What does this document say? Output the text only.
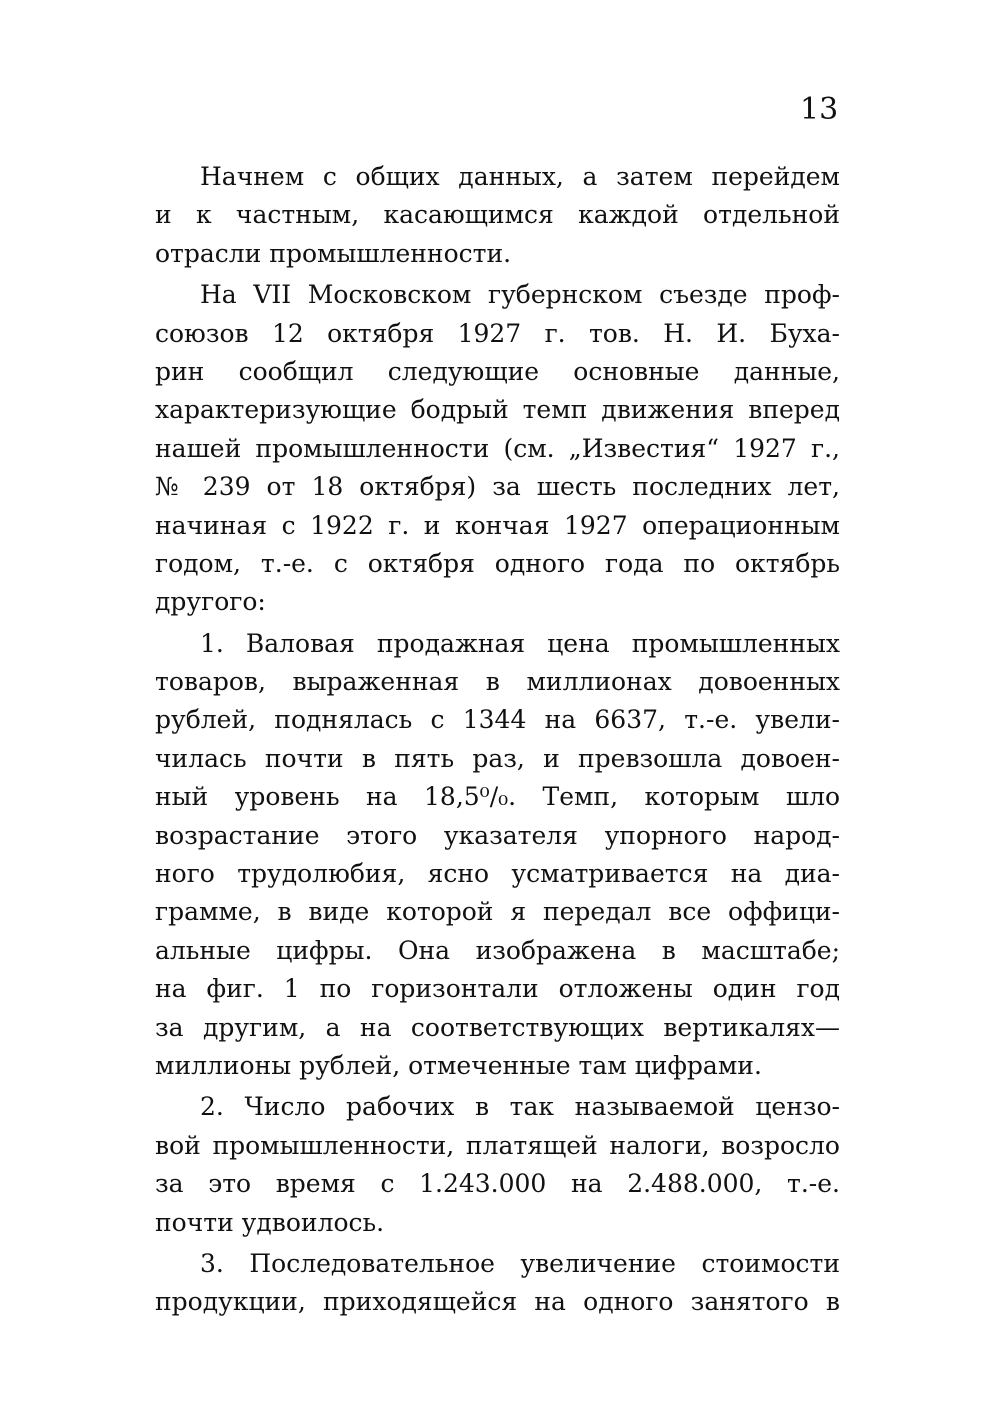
13
Начнем с общих данных, а затем перейдем
и к частным, касающимся каждой отдельной
отрасли промышленности.
На VII Московском губернском съезде проф-
союзов 12 октября 1927 г. тов. Н. И. Буха-
рин сообщил следующие основные данные,
характеризующие бодрый темп движения вперед
нашей промышленности (см. „Известия“ 1927 г.,
№ 239 от 18 октября) за шесть последних лет,
начиная с 1922 г. и кончая 1927 операционным
годом, т.-е. с октября одного года по октябрь
другого:
1. Валовая продажная цена промышленных
товаров, выраженная в миллионах довоенных
рублей, поднялась с 1344 на 6637, т.-е. увели-
чилась почти в пять раз, и превзошла довоен-
ный уровень на 18,5⁰/₀. Темп, которым шло
возрастание этого указателя упорного народ-
ного трудолюбия, ясно усматривается на диа-
грамме, в виде которой я передал все оффици-
альные цифры. Она изображена в масштабе;
на фиг. 1 по горизонтали отложены один год
за другим, а на соответствующих вертикалях—
миллионы рублей, отмеченные там цифрами.
2. Число рабочих в так называемой цензо-
вой промышленности, платящей налоги, возросло
за это время с 1.243.000 на 2.488.000, т.-е.
почти удвоилось.
3. Последовательное увеличение стоимости
продукции, приходящейся на одного занятого в
